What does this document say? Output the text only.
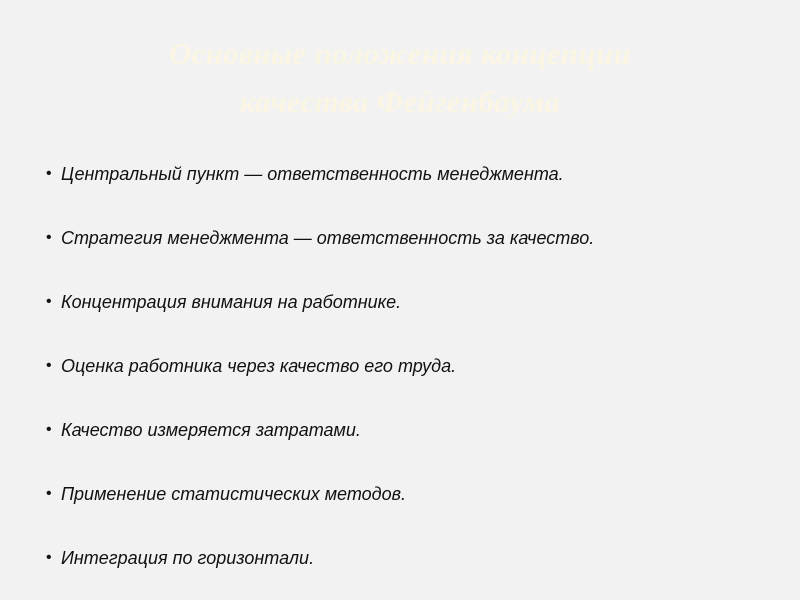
Основные положения концепции
качества Фейгенбаума
• Центральный пункт — ответственность менеджмента.
• Стратегия менеджмента — ответственность за качество.
• Концентрация внимания на работнике.
• Оценка работника через качество его труда.
• Качество измеряется затратами.
• Применение статистических методов.
• Интеграция по горизонтали.
